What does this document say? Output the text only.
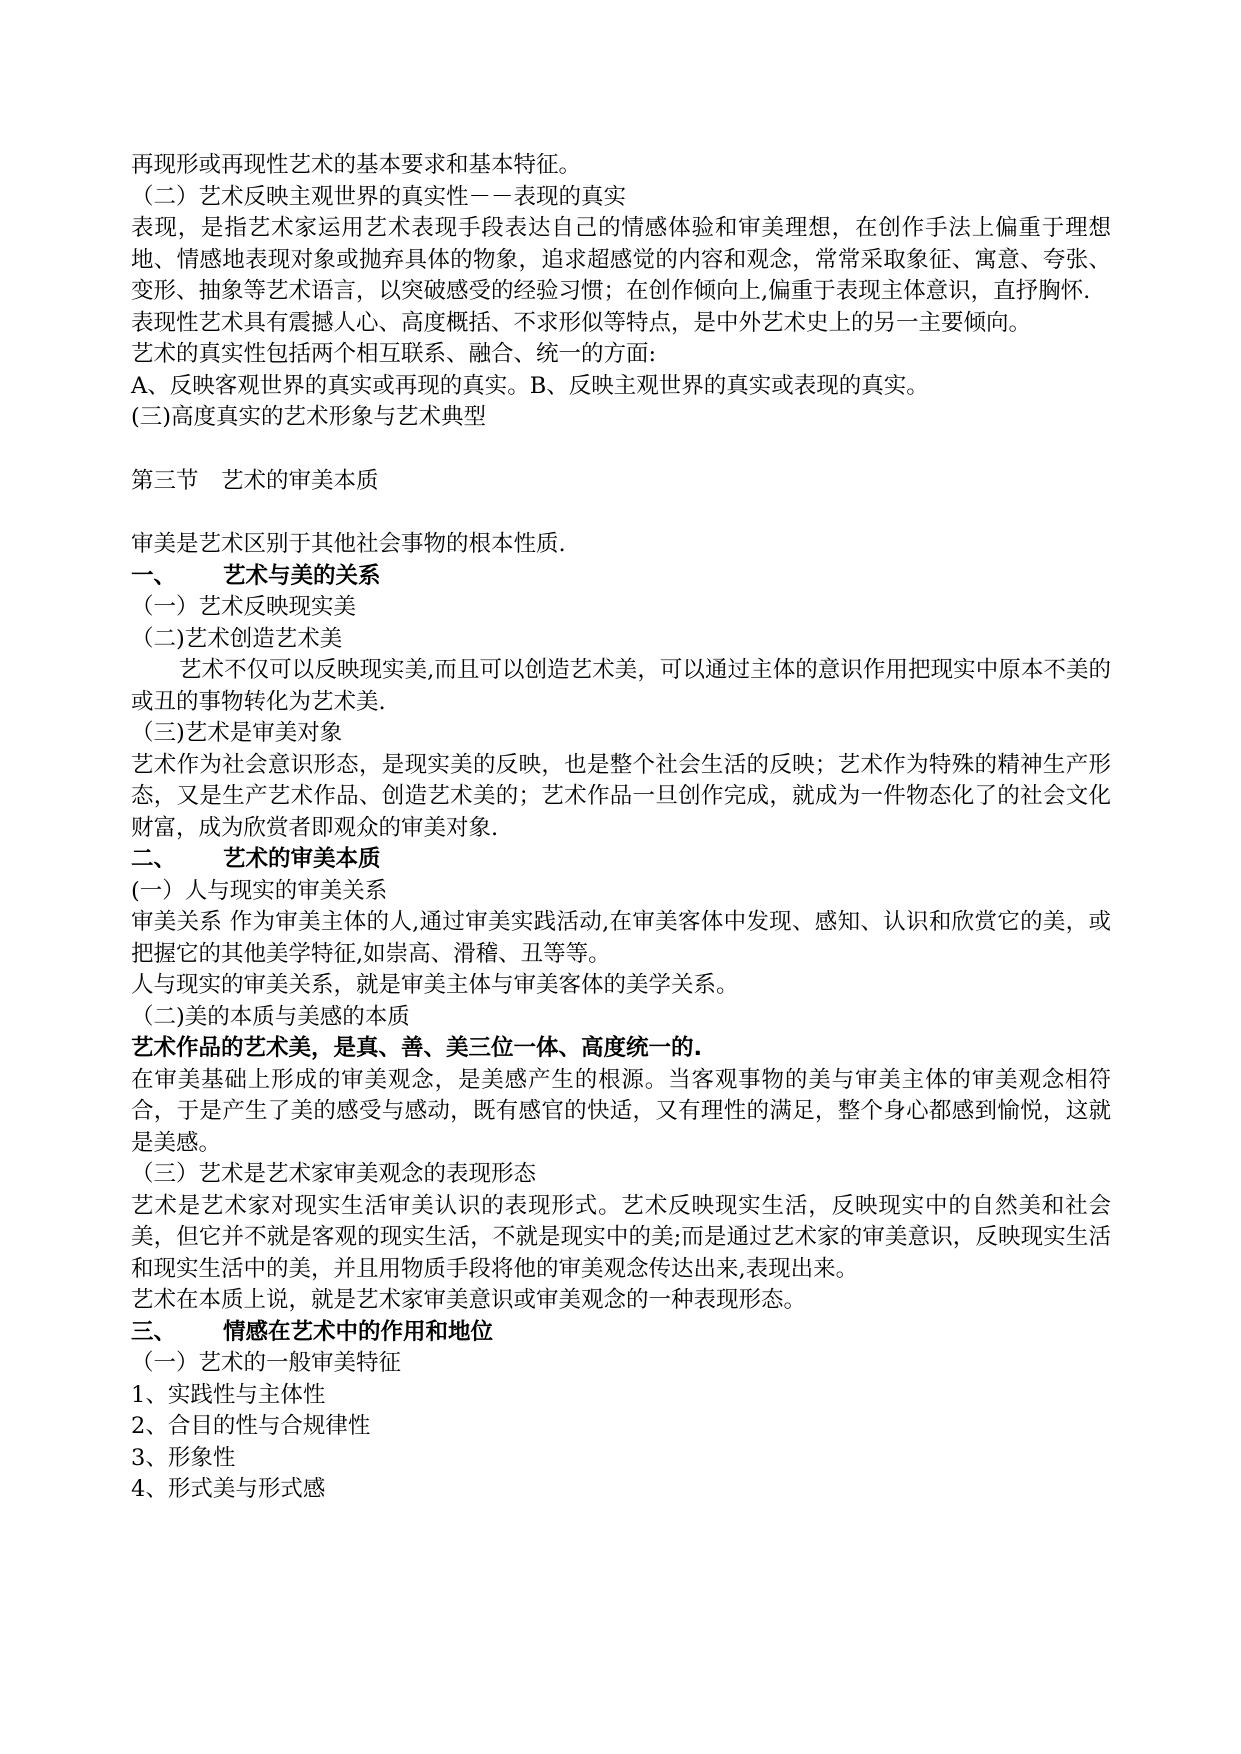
再现形或再现性艺术的基本要求和基本特征。

（二）艺术反映主观世界的真实性－－表现的真实

表现，是指艺术家运用艺术表现手段表达自己的情感体验和审美理想，在创作手法上偏重于理想地、情感地表现对象或抛弃具体的物象，追求超感觉的内容和观念，常常采取象征、寓意、夸张、变形、抽象等艺术语言，以突破感受的经验习惯；在创作倾向上,偏重于表现主体意识，直抒胸怀.

表现性艺术具有震撼人心、高度概括、不求形似等特点，是中外艺术史上的另一主要倾向。

艺术的真实性包括两个相互联系、融合、统一的方面:

A、反映客观世界的真实或再现的真实。B、反映主观世界的真实或表现的真实。

(三)高度真实的艺术形象与艺术典型

第三节　艺术的审美本质

审美是艺术区别于其他社会事物的根本性质.

一、	艺术与美的关系

（一）艺术反映现实美

（二)艺术创造艺术美

艺术不仅可以反映现实美,而且可以创造艺术美，可以通过主体的意识作用把现实中原本不美的或丑的事物转化为艺术美.

（三)艺术是审美对象

艺术作为社会意识形态，是现实美的反映，也是整个社会生活的反映；艺术作为特殊的精神生产形态，又是生产艺术作品、创造艺术美的；艺术作品一旦创作完成，就成为一件物态化了的社会文化财富，成为欣赏者即观众的审美对象.

二、	艺术的审美本质

(一）人与现实的审美关系

审美关系 作为审美主体的人,通过审美实践活动,在审美客体中发现、感知、认识和欣赏它的美，或把握它的其他美学特征,如崇高、滑稽、丑等等。

人与现实的审美关系，就是审美主体与审美客体的美学关系。

（二)美的本质与美感的本质

艺术作品的艺术美，是真、善、美三位一体、高度统一的.

在审美基础上形成的审美观念，是美感产生的根源。当客观事物的美与审美主体的审美观念相符合，于是产生了美的感受与感动，既有感官的快适，又有理性的满足，整个身心都感到愉悦，这就是美感。

（三）艺术是艺术家审美观念的表现形态

艺术是艺术家对现实生活审美认识的表现形式。艺术反映现实生活，反映现实中的自然美和社会美，但它并不就是客观的现实生活，不就是现实中的美;而是通过艺术家的审美意识，反映现实生活和现实生活中的美，并且用物质手段将他的审美观念传达出来,表现出来。

艺术在本质上说，就是艺术家审美意识或审美观念的一种表现形态。

三、	情感在艺术中的作用和地位

（一）艺术的一般审美特征

1、实践性与主体性

2、合目的性与合规律性

3、形象性

4、形式美与形式感
